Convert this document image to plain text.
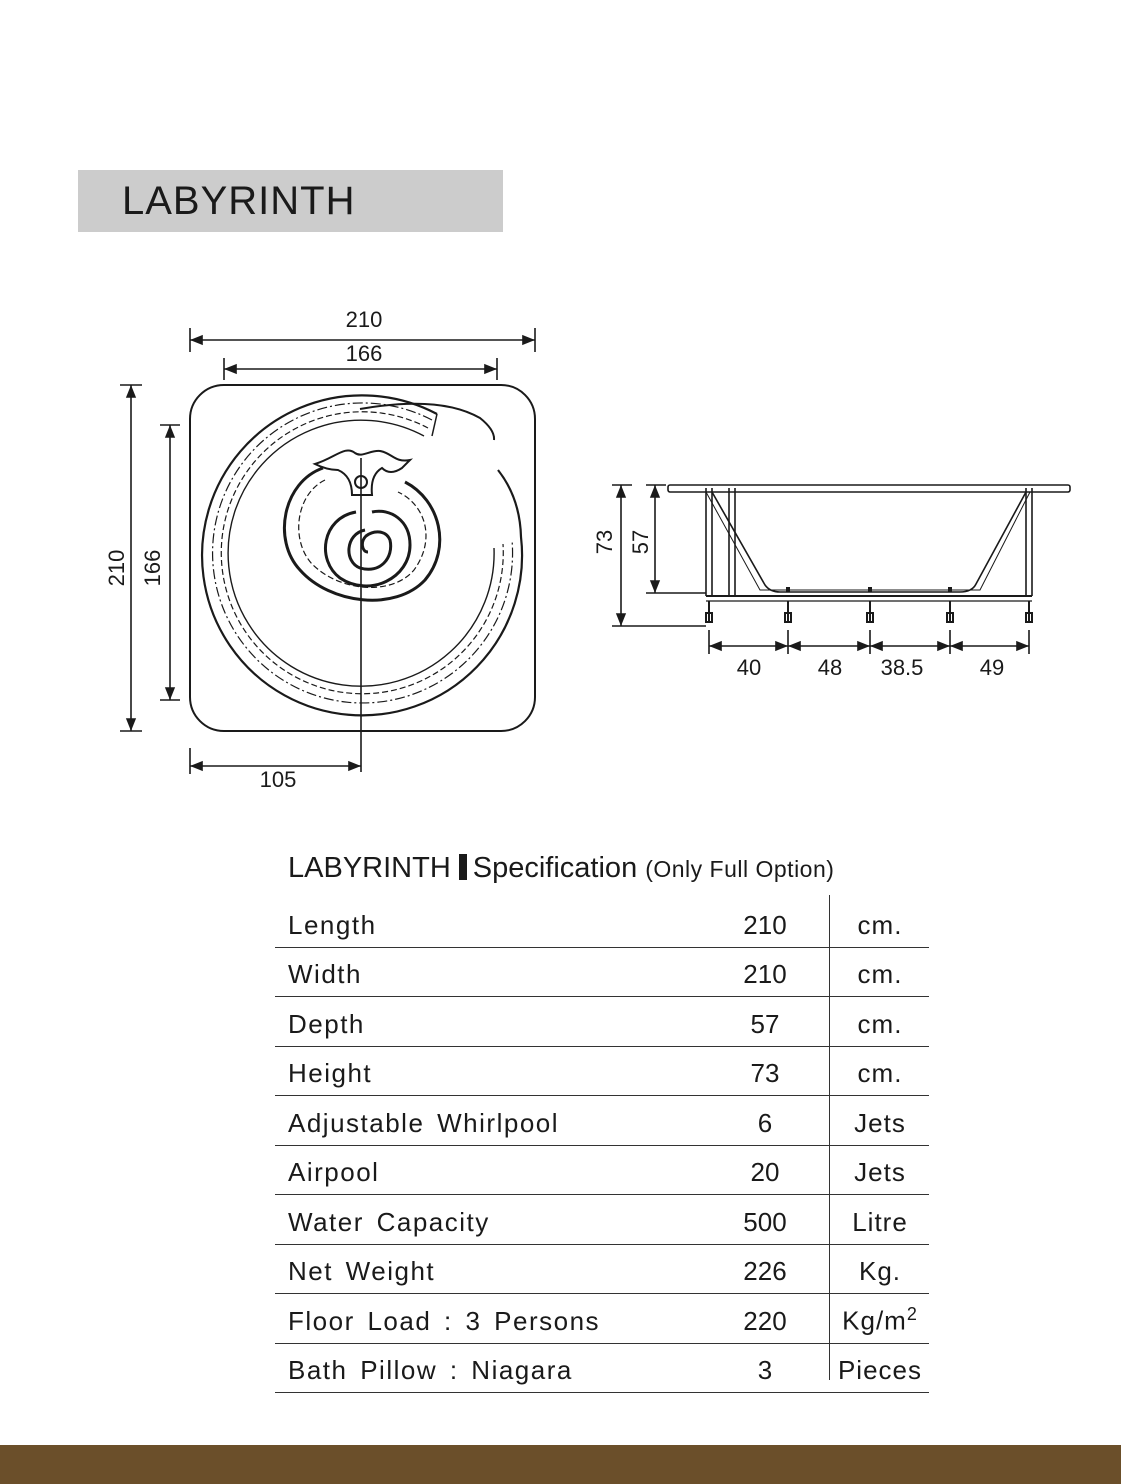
LABYRINTH
210
166
210 166
105
73 57
40	48 38.5	49
LABYRINTH Specification (Only Full Option)
Length	210	cm.
Width	210	cm.
Depth	57	cm.
Height	73	cm.
Adjustable Whirlpool	6	Jets
Airpool	20	Jets
Water Capacity	500	Litre
Net Weight	226	Kg.
Floor Load : 3 Persons	220	$Kg/m^2$
Bath Pillow : Niagara	3	Pieces
